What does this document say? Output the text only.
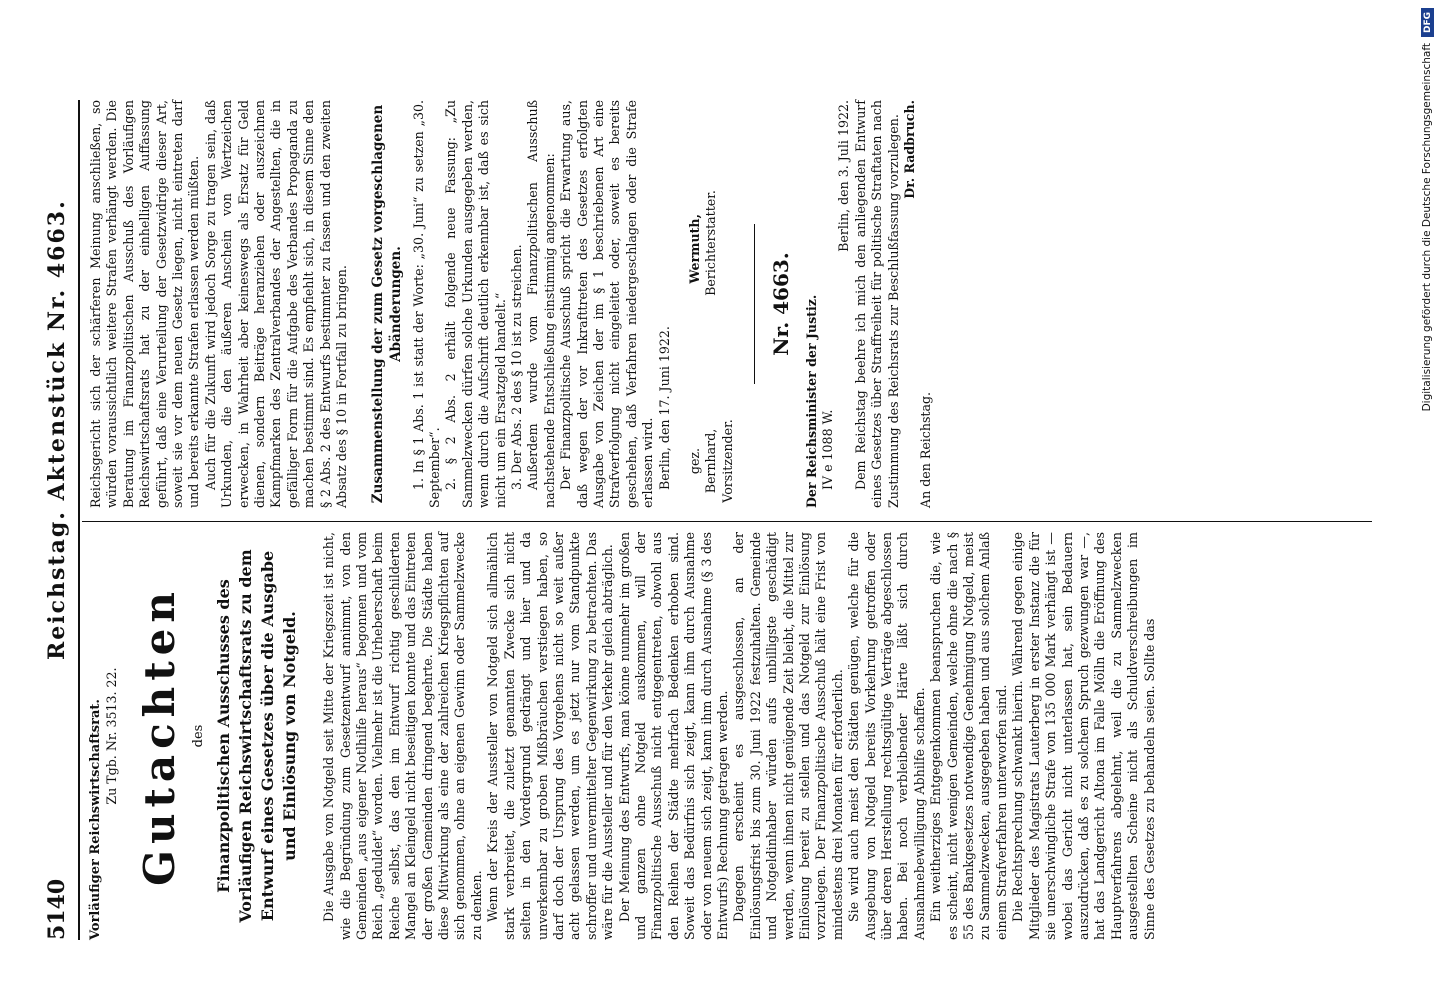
5140
Reichstag. Aktenstück Nr. 4663.

Vorläufiger Reichswirtschaftsrat. Zu Tgb. Nr. 3513. 22. Gutachten des Finanzpolitischen Ausschusses des Vorläufigen Reichswirtschaftsrats zu dem Entwurf eines Gesetzes über die Ausgabe und Einlösung von Notgeld. Die Ausgabe von Notgeld seit Mitte der Kriegszeit ist nicht, wie die Begründung zum Gesetzentwurf annimmt, von den Gemeinden „aus eigener Notlhilfe heraus“ begonnen und vom Reich „geduldet“ worden. Vielmehr ist die Urheberschaft beim Reiche selbst, das den im Entwurf richtig geschilderten Mangel an Kleingeld nicht beseitigen konnte und das Eintreten der großen Gemeinden dringend begehrte. Die Städte haben diese Mitwirkung als eine der zahlreichen Kriegspflichten auf sich genommen, ohne an eigenen Gewinn oder Sammelzwecke zu denken. Wenn der Kreis der Aussteller von Notgeld sich allmählich stark verbreitet, die zuletzt genannten Zwecke sich nicht selten in den Vordergrund gedrängt und hier und da unverkennbar zu groben Mißbräuchen verstiegen haben, so darf doch der Ursprung des Vorgehens nicht so weit außer acht gelassen werden, um es jetzt nur vom Standpunkte schroffer und unvermittelter Gegenwirkung zu betrachten. Das wäre für die Aussteller und für den Verkehr gleich abträglich. Der Meinung des Entwurfs, man könne nunmehr im großen und ganzen ohne Notgeld auskommen, will der Finanzpolitische Ausschuß nicht entgegentreten, obwohl aus den Reihen der Städte mehrfach Bedenken erhoben sind. Soweit das Bedürfnis sich zeigt, kann ihm durch Ausnahme oder von neuem sich zeigt, kann ihm durch Ausnahme (§ 3 des Entwurfs) Rechnung getragen werden. Dagegen erscheint es ausgeschlossen, an der Einlösungsfrist bis zum 30. Juni 1922 festzuhalten. Gemeinde und Notgeldinhaber würden aufs unbilligste geschädigt werden, wenn ihnen nicht genügende Zeit bleibt, die Mittel zur Einlösung bereit zu stellen und das Notgeld zur Einlösung vorzulegen. Der Finanzpolitische Ausschuß hält eine Frist von mindestens drei Monaten für erforderlich. Sie wird auch meist den Städten genügen, welche für die Ausgebung von Notgeld bereits Vorkehrung getroffen oder über deren Herstellung rechtsgültige Verträge abgeschlossen haben. Bei noch verbleibender Härte läßt sich durch Ausnahmebewilligung Abhilfe schaffen. Ein weitherziges Entgegenkommen beanspruchen die, wie es scheint, nicht wenigen Gemeinden, welche ohne die nach § 55 des Bankgesetzes notwendige Genehmigung Notgeld, meist zu Sammelzwecken, ausgegeben haben und aus solchem Anlaß einem Strafverfahren unterworfen sind. Die Rechtsprechung schwankt hierin. Während gegen einige Mitglieder des Magistrats Lauterberg in erster Instanz die für sie unerschwingliche Strafe von 135 000 Mark verhängt ist — wobei das Gericht nicht unterlassen hat, sein Bedauern auszudrücken, daß es zu solchem Spruch gezwungen war —, hat das Landgericht Altona im Falle Mölln die Eröffnung des Hauptverfahrens abgelehnt, weil die zu Sammelzwecken ausgestellten Scheine nicht als Schuldverschreibungen im Sinne des Gesetzes zu behandeln seien. Sollte das

Reichsgericht sich der schärferen Meinung anschließen, so würden voraussichtlich weitere Strafen verhängt werden. Die Beratung im Finanzpolitischen Ausschuß des Vorläufigen Reichswirtschaftsrats hat zu der einhelligen Auffassung geführt, daß eine Verurteilung der Gesetzwidrige dieser Art, soweit sie vor dem neuen Gesetz liegen, nicht eintreten darf und bereits erkannte Strafen erlassen werden müßten. Auch für die Zukunft wird jedoch Sorge zu tragen sein, daß Urkunden, die den äußeren Anschein von Wertzeichen erwecken, in Wahrheit aber keineswegs als Ersatz für Geld dienen, sondern Beiträge heranziehen oder auszeichnen Kampfmarken des Zentralverbandes der Angestellten, die in gefälliger Form für die Aufgabe des Verbandes Propaganda zu machen bestimmt sind. Es empfiehlt sich, in diesem Sinne den § 2 Abs. 2 des Entwurfs bestimmter zu fassen und den zweiten Absatz des § 10 in Fortfall zu bringen. Zusammenstellung der zum Gesetz vorgeschlagenen Abänderungen. 1. In § 1 Abs. 1 ist statt der Worte: „30. Juni“ zu setzen „30. September“. 2. § 2 Abs. 2 erhält folgende neue Fassung: „Zu Sammelzwecken dürfen solche Urkunden ausgegeben werden, wenn durch die Aufschrift deutlich erkennbar ist, daß es sich nicht um ein Ersatzgeld handelt.“ 3. Der Abs. 2 des § 10 ist zu streichen. Außerdem wurde vom Finanzpolitischen Ausschuß nachstehende Entschließung einstimmig angenommen: Der Finanzpolitische Ausschuß spricht die Erwartung aus, daß wegen der vor Inkrafttreten des Gesetzes erfolgten Ausgabe von Zeichen der im § 1 beschriebenen Art eine Strafverfolgung nicht eingeleitet oder, soweit es bereits geschehen, daß Verfahren niedergeschlagen oder die Strafe erlassen wird. Berlin, den 17. Juni 1922. gez. Bernhard, Vorsitzender.
Wermuth, Berichterstatter.
Nr. 4663. Der Reichsminister der Justiz. IV e 1088 W.

Berlin, den 3. Juli 1922. Dem Reichstag beehre ich mich den anliegenden Entwurf eines Gesetzes über Straffreiheit für politische Straftaten nach Zustimmung des Reichsrats zur Beschlußfassung vorzulegen. Dr. Radbruch.

An den Reichstag.

Digitalisierung gefördert durch die Deutsche ForschungsgemeinschaftDFG
